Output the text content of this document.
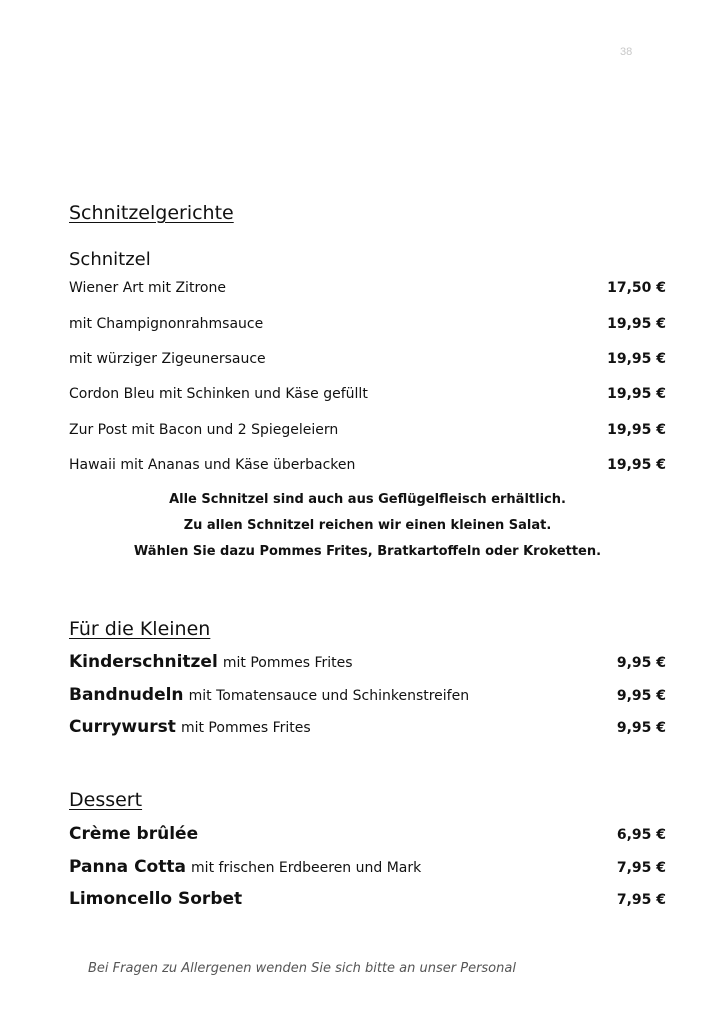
38
Schnitzelgerichte
Schnitzel
Wiener Art mit Zitrone	17,50 €
mit Champignonrahmsauce	19,95 €
mit würziger Zigeunersauce	19,95 €
Cordon Bleu mit Schinken und Käse gefüllt	19,95 €
Zur Post mit Bacon und 2 Spiegeleiern	19,95 €
Hawaii mit Ananas und Käse überbacken	19,95 €
Alle Schnitzel sind auch aus Geflügelfleisch erhältlich.
Zu allen Schnitzel reichen wir einen kleinen Salat.
Wählen Sie dazu Pommes Frites, Bratkartoffeln oder Kroketten.
Für die Kleinen
Kinderschnitzel mit Pommes Frites	9,95 €
Bandnudeln mit Tomatensauce und Schinkenstreifen	9,95 €
Currywurst mit Pommes Frites	9,95 €
Dessert
Crème brûlée	6,95 €
Panna Cotta mit frischen Erdbeeren und Mark	7,95 €
Limoncello Sorbet	7,95 €
Bei Fragen zu Allergenen wenden Sie sich bitte an unser Personal
